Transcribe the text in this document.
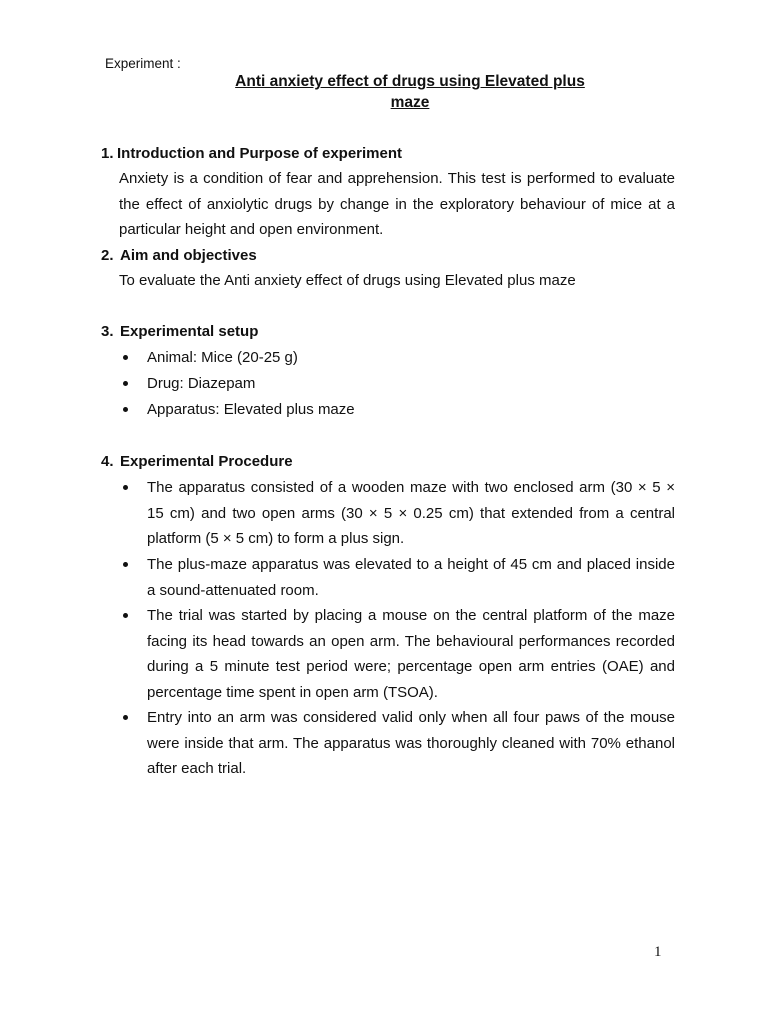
Experiment :
Anti anxiety effect of drugs using Elevated plus
maze
1. Introduction and Purpose of experiment

Anxiety is a condition of fear and apprehension. This test is performed to evaluate the effect of anxiolytic drugs by change in the exploratory behaviour of mice at a particular height and open environment.

2. Aim and objectives

To evaluate the Anti anxiety effect of drugs using Elevated plus maze

3. Experimental setup
Animal: Mice (20-25 g)
Drug: Diazepam
Apparatus: Elevated plus maze
4. Experimental Procedure
The apparatus consisted of a wooden maze with two enclosed arm (30 × 5 × 15 cm) and two open arms (30 × 5 × 0.25 cm) that extended from a central platform (5 × 5 cm) to form a plus sign.
The plus-maze apparatus was elevated to a height of 45 cm and placed inside a sound-attenuated room.
The trial was started by placing a mouse on the central platform of the maze facing its head towards an open arm. The behavioural performances recorded during a 5 minute test period were; percentage open arm entries (OAE) and percentage time spent in open arm (TSOA).
Entry into an arm was considered valid only when all four paws of the mouse were inside that arm. The apparatus was thoroughly cleaned with 70% ethanol after each trial.
1
